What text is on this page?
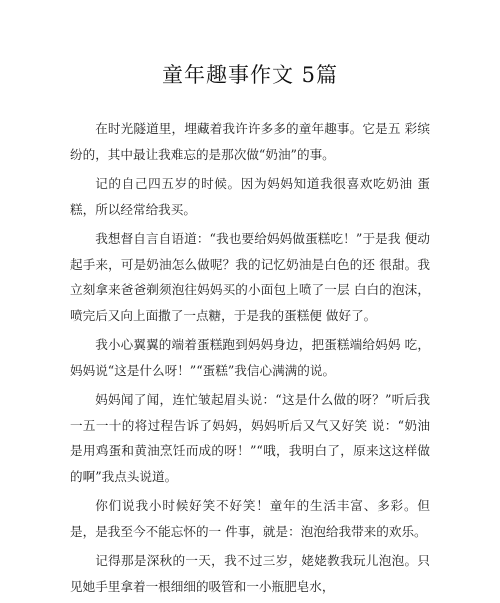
童年趣事作文 5篇

在时光隧道里，埋藏着我许许多多的童年趣事。它是五 彩缤纷的，其中最让我难忘的是那次做“奶油”的事。

记的自己四五岁的时候。因为妈妈知道我很喜欢吃奶油 蛋糕，所以经常给我买。

我想督自言自语道：“我也要给妈妈做蛋糕吃！”于是我 便动起手来，可是奶油怎么做呢？我的记忆奶油是白色的还 很甜。我立刻拿来爸爸剃须泡往妈妈买的小面包上喷了一层 白白的泡沫，喷完后又向上面撒了一点糖，于是我的蛋糕便 做好了。

我小心翼翼的端着蛋糕跑到妈妈身边，把蛋糕端给妈妈 吃，妈妈说“这是什么呀！”“蛋糕”我信心满满的说。

妈妈闻了闻，连忙皱起眉头说：“这是什么做的呀？”听后我一五一十的将过程告诉了妈妈，妈妈听后又气又好笑 说：“奶油是用鸡蛋和黄油烹饪而成的呀！”“哦，我明白了，原来这这样做的啊”我点头说道。

你们说我小时候好笑不好笑！童年的生活丰富、多彩。但是，是我至今不能忘怀的一 件事，就是：泡泡给我带来的欢乐。

记得那是深秋的一天，我不过三岁，姥姥教我玩儿泡泡。只见她手里拿着一根细细的吸管和一小瓶肥皂水，
